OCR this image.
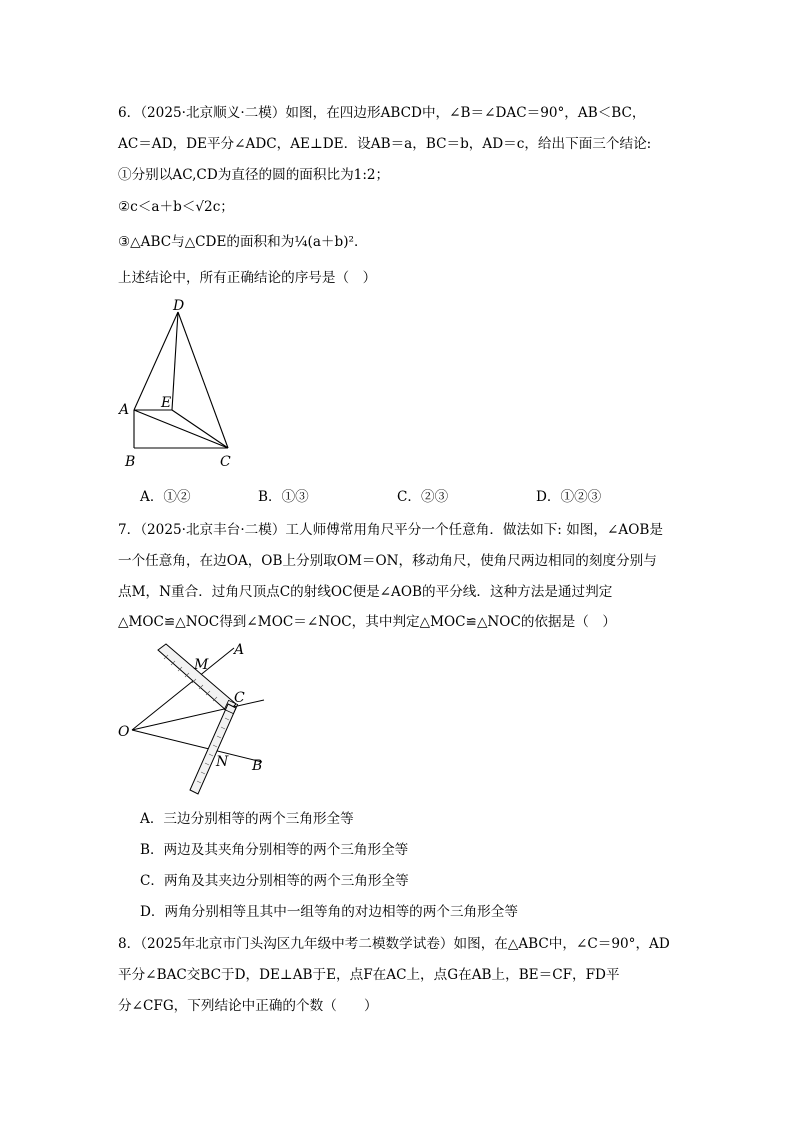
6．（2025·北京顺义·二模）如图，在四边形ABCD中，∠B＝∠DAC＝90°，AB＜BC，
AC＝AD，DE平分∠ADC，AE⊥DE．设AB＝a，BC＝b，AD＝c，给出下面三个结论:
①分别以AC,CD为直径的圆的面积比为1:2；
②c＜a＋b＜√2c；
③△ABC与△CDE的面积和为¼(a＋b)²．
上述结论中，所有正确结论的序号是（　）
D
A E
B	C
A．①②	B．①③	C．②③	D．①②③
7．（2025·北京丰台·二模）工人师傅常用角尺平分一个任意角．做法如下: 如图，∠AOB是
一个任意角，在边OA，OB上分别取OM＝ON，移动角尺，使角尺两边相同的刻度分别与
点M，N重合．过角尺顶点C的射线OC便是∠AOB的平分线．这种方法是通过判定
△MOC≌△NOC得到∠MOC＝∠NOC，其中判定△MOC≌△NOC的依据是（　）
A
M
C
O
N B
A．三边分别相等的两个三角形全等
B．两边及其夹角分别相等的两个三角形全等
C．两角及其夹边分别相等的两个三角形全等
D．两角分别相等且其中一组等角的对边相等的两个三角形全等
8．（2025年北京市门头沟区九年级中考二模数学试卷）如图，在△ABC中，∠C＝90°，AD
平分∠BAC交BC于D，DE⊥AB于E，点F在AC上，点G在AB上，BE＝CF，FD平
分∠CFG，下列结论中正确的个数（　　）
